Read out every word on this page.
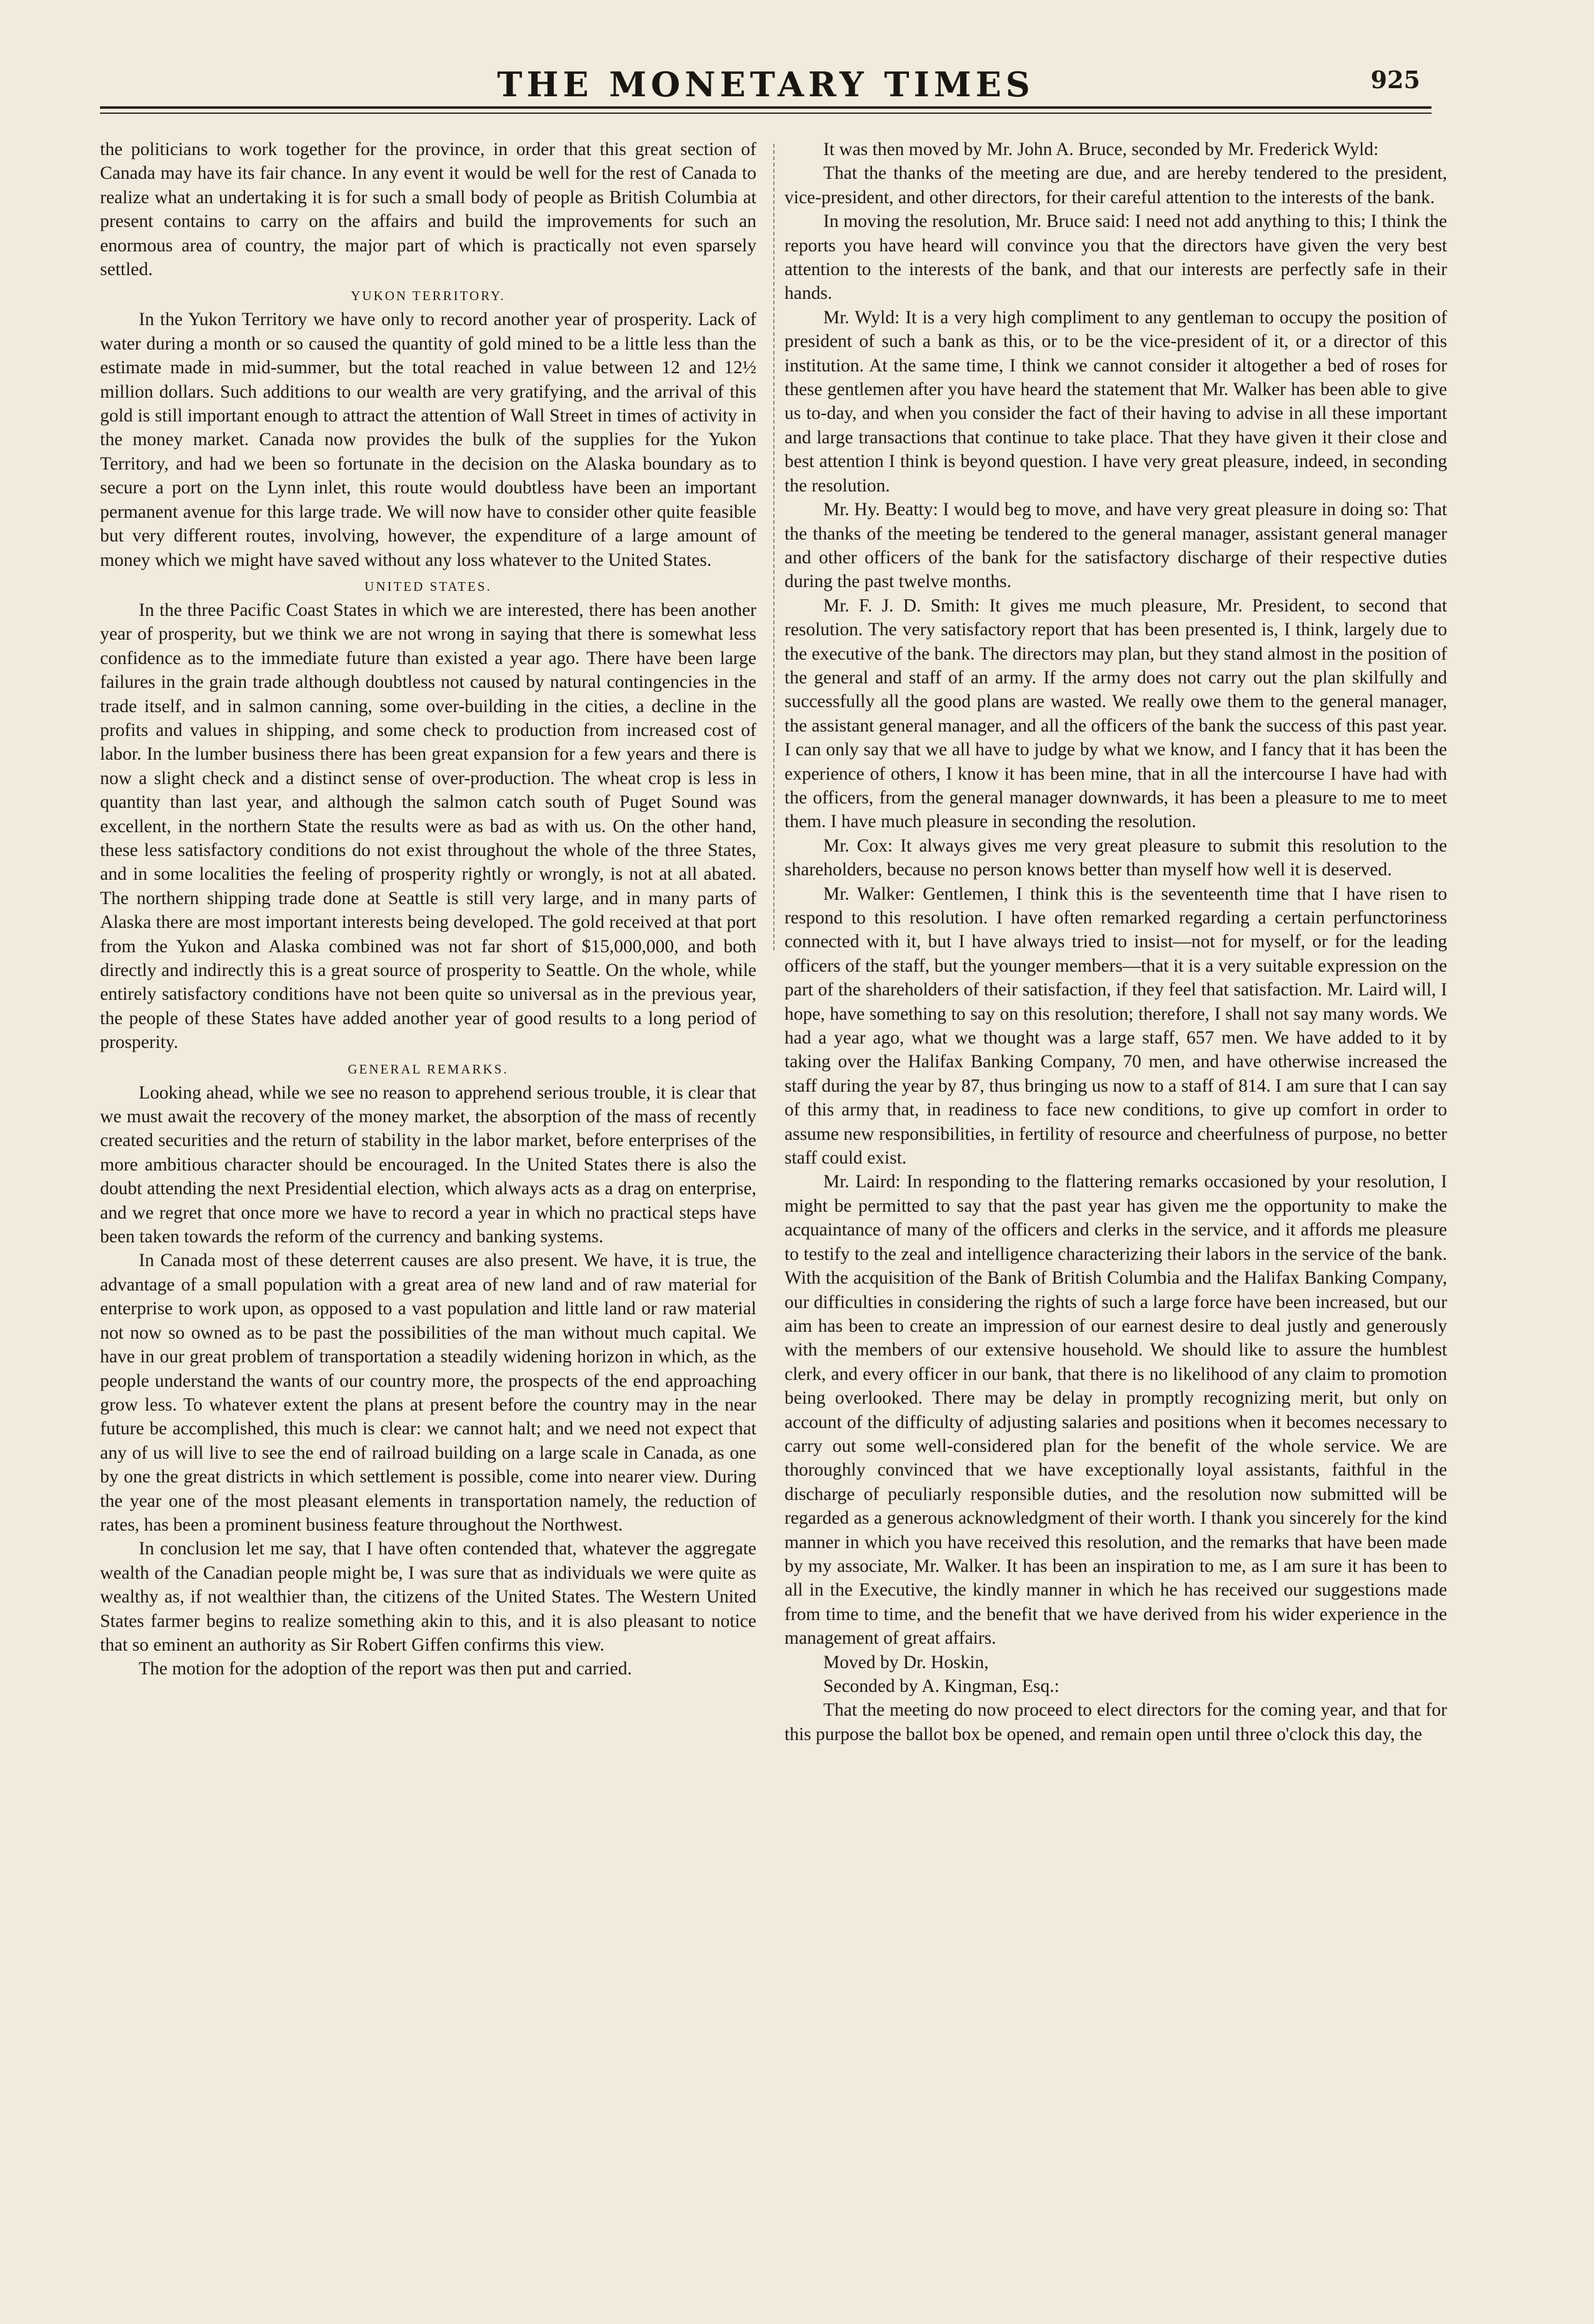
THE MONETARY TIMES	925

the politicians to work together for the province, in order that this great section of Canada may have its fair chance. In any event it would be well for the rest of Canada to realize what an undertaking it is for such a small body of people as British Columbia at present contains to carry on the affairs and build the improvements for such an enormous area of country, the major part of which is practically not even sparsely settled.

YUKON TERRITORY.

In the Yukon Territory we have only to record another year of prosperity. Lack of water during a month or so caused the quantity of gold mined to be a little less than the estimate made in mid-summer, but the total reached in value between 12 and 12½ million dollars. Such additions to our wealth are very gratifying, and the arrival of this gold is still important enough to attract the attention of Wall Street in times of activity in the money market. Canada now provides the bulk of the supplies for the Yukon Territory, and had we been so fortunate in the decision on the Alaska boundary as to secure a port on the Lynn inlet, this route would doubtless have been an important permanent avenue for this large trade. We will now have to consider other quite feasible but very different routes, involving, however, the expenditure of a large amount of money which we might have saved without any loss whatever to the United States.

UNITED STATES.

In the three Pacific Coast States in which we are interested, there has been another year of prosperity, but we think we are not wrong in saying that there is somewhat less confidence as to the immediate future than existed a year ago. There have been large failures in the grain trade although doubtless not caused by natural contingencies in the trade itself, and in salmon canning, some over-building in the cities, a decline in the profits and values in shipping, and some check to production from increased cost of labor. In the lumber business there has been great expansion for a few years and there is now a slight check and a distinct sense of over-production. The wheat crop is less in quantity than last year, and although the salmon catch south of Puget Sound was excellent, in the northern State the results were as bad as with us. On the other hand, these less satisfactory conditions do not exist throughout the whole of the three States, and in some localities the feeling of prosperity rightly or wrongly, is not at all abated. The northern shipping trade done at Seattle is still very large, and in many parts of Alaska there are most important interests being developed. The gold received at that port from the Yukon and Alaska combined was not far short of $15,000,000, and both directly and indirectly this is a great source of prosperity to Seattle. On the whole, while entirely satisfactory conditions have not been quite so universal as in the previous year, the people of these States have added another year of good results to a long period of prosperity.

GENERAL REMARKS.

Looking ahead, while we see no reason to apprehend serious trouble, it is clear that we must await the recovery of the money market, the absorption of the mass of recently created securities and the return of stability in the labor market, before enterprises of the more ambitious character should be encouraged. In the United States there is also the doubt attending the next Presidential election, which always acts as a drag on enterprise, and we regret that once more we have to record a year in which no practical steps have been taken towards the reform of the currency and banking systems.

In Canada most of these deterrent causes are also present. We have, it is true, the advantage of a small population with a great area of new land and of raw material for enterprise to work upon, as opposed to a vast population and little land or raw material not now so owned as to be past the possibilities of the man without much capital. We have in our great problem of transportation a steadily widening horizon in which, as the people understand the wants of our country more, the prospects of the end approaching grow less. To whatever extent the plans at present before the country may in the near future be accomplished, this much is clear: we cannot halt; and we need not expect that any of us will live to see the end of railroad building on a large scale in Canada, as one by one the great districts in which settlement is possible, come into nearer view. During the year one of the most pleasant elements in transportation namely, the reduction of rates, has been a prominent business feature throughout the Northwest.

In conclusion let me say, that I have often contended that, whatever the aggregate wealth of the Canadian people might be, I was sure that as individuals we were quite as wealthy as, if not wealthier than, the citizens of the United States. The Western United States farmer begins to realize something akin to this, and it is also pleasant to notice that so eminent an authority as Sir Robert Giffen confirms this view.

The motion for the adoption of the report was then put and carried.

It was then moved by Mr. John A. Bruce, seconded by Mr. Frederick Wyld:

That the thanks of the meeting are due, and are hereby tendered to the president, vice-president, and other directors, for their careful attention to the interests of the bank.

In moving the resolution, Mr. Bruce said: I need not add anything to this; I think the reports you have heard will convince you that the directors have given the very best attention to the interests of the bank, and that our interests are perfectly safe in their hands.

Mr. Wyld: It is a very high compliment to any gentleman to occupy the position of president of such a bank as this, or to be the vice-president of it, or a director of this institution. At the same time, I think we cannot consider it altogether a bed of roses for these gentlemen after you have heard the statement that Mr. Walker has been able to give us to-day, and when you consider the fact of their having to advise in all these important and large transactions that continue to take place. That they have given it their close and best attention I think is beyond question. I have very great pleasure, indeed, in seconding the resolution.

Mr. Hy. Beatty: I would beg to move, and have very great pleasure in doing so: That the thanks of the meeting be tendered to the general manager, assistant general manager and other officers of the bank for the satisfactory discharge of their respective duties during the past twelve months.

Mr. F. J. D. Smith: It gives me much pleasure, Mr. President, to second that resolution. The very satisfactory report that has been presented is, I think, largely due to the executive of the bank. The directors may plan, but they stand almost in the position of the general and staff of an army. If the army does not carry out the plan skilfully and successfully all the good plans are wasted. We really owe them to the general manager, the assistant general manager, and all the officers of the bank the success of this past year. I can only say that we all have to judge by what we know, and I fancy that it has been the experience of others, I know it has been mine, that in all the intercourse I have had with the officers, from the general manager downwards, it has been a pleasure to me to meet them. I have much pleasure in seconding the resolution.

Mr. Cox: It always gives me very great pleasure to submit this resolution to the shareholders, because no person knows better than myself how well it is deserved.

Mr. Walker: Gentlemen, I think this is the seventeenth time that I have risen to respond to this resolution. I have often remarked regarding a certain perfunctoriness connected with it, but I have always tried to insist—not for myself, or for the leading officers of the staff, but the younger members—that it is a very suitable expression on the part of the shareholders of their satisfaction, if they feel that satisfaction. Mr. Laird will, I hope, have something to say on this resolution; therefore, I shall not say many words. We had a year ago, what we thought was a large staff, 657 men. We have added to it by taking over the Halifax Banking Company, 70 men, and have otherwise increased the staff during the year by 87, thus bringing us now to a staff of 814. I am sure that I can say of this army that, in readiness to face new conditions, to give up comfort in order to assume new responsibilities, in fertility of resource and cheerfulness of purpose, no better staff could exist.

Mr. Laird: In responding to the flattering remarks occasioned by your resolution, I might be permitted to say that the past year has given me the opportunity to make the acquaintance of many of the officers and clerks in the service, and it affords me pleasure to testify to the zeal and intelligence characterizing their labors in the service of the bank. With the acquisition of the Bank of British Columbia and the Halifax Banking Company, our difficulties in considering the rights of such a large force have been increased, but our aim has been to create an impression of our earnest desire to deal justly and generously with the members of our extensive household. We should like to assure the humblest clerk, and every officer in our bank, that there is no likelihood of any claim to promotion being overlooked. There may be delay in promptly recognizing merit, but only on account of the difficulty of adjusting salaries and positions when it becomes necessary to carry out some well-considered plan for the benefit of the whole service. We are thoroughly convinced that we have exceptionally loyal assistants, faithful in the discharge of peculiarly responsible duties, and the resolution now submitted will be regarded as a generous acknowledgment of their worth. I thank you sincerely for the kind manner in which you have received this resolution, and the remarks that have been made by my associate, Mr. Walker. It has been an inspiration to me, as I am sure it has been to all in the Executive, the kindly manner in which he has received our suggestions made from time to time, and the benefit that we have derived from his wider experience in the management of great affairs.

Moved by Dr. Hoskin,

Seconded by A. Kingman, Esq.:

That the meeting do now proceed to elect directors for the coming year, and that for this purpose the ballot box be opened, and remain open until three o'clock this day, the
